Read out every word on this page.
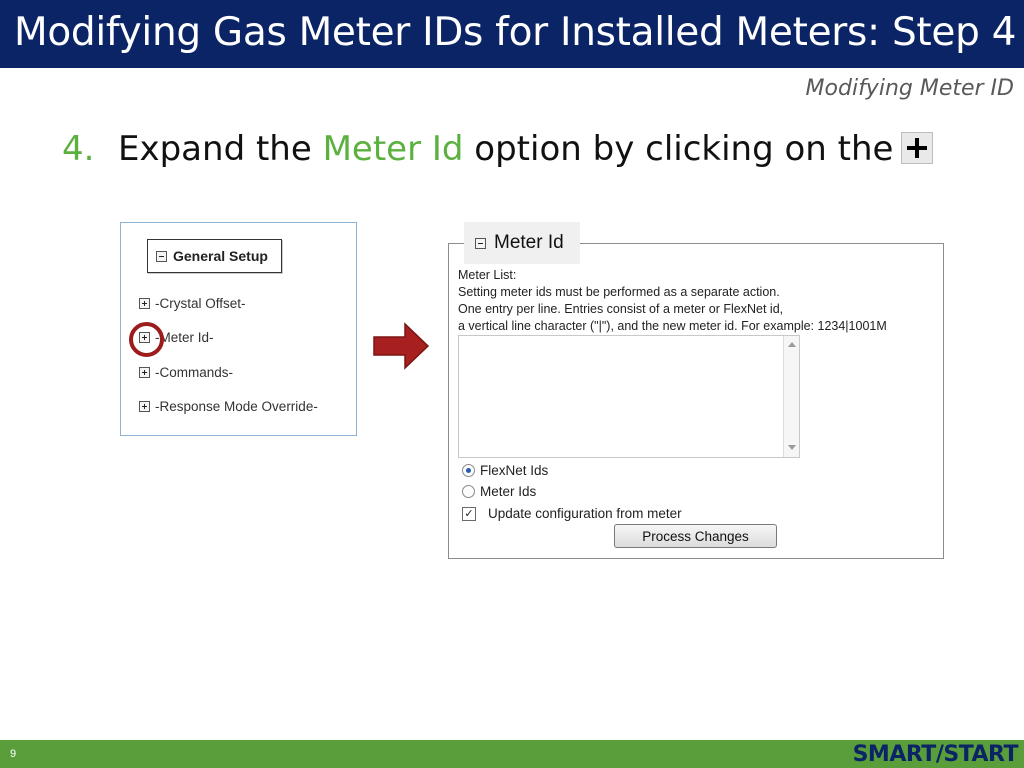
Modifying Gas Meter IDs for Installed Meters: Step 4
Modifying Meter ID
4. Expand the Meter Id option by clicking on the
General Setup
-Crystal Offset-
-Meter Id-
-Commands-
-Response Mode Override-
Meter Id
Meter List:
Setting meter ids must be performed as a separate action.
One entry per line. Entries consist of a meter or FlexNet id,
a vertical line character ("|"), and the new meter id. For example: 1234|1001M
FlexNet Ids
Meter Ids
✓ Update configuration from meter
Process Changes
9	SMART/START
